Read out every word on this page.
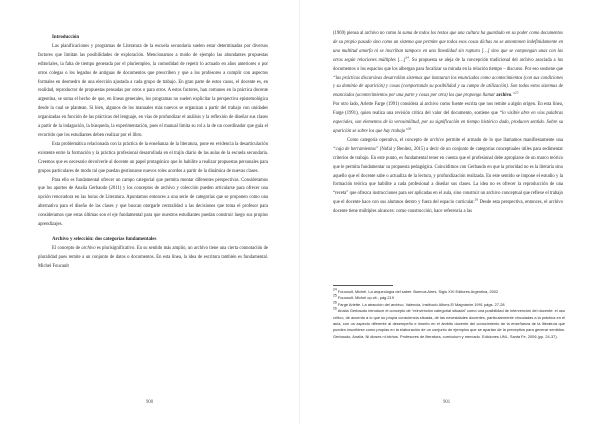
Introducción

Las planificaciones y programas de Literatura de la escuela secundaria suelen estar determinadas por diversos factores que limitan las posibilidades de exploración. Mencionamos a modo de ejemplo las abundantes propuestas editoriales, la falta de tiempo generada por el pluriempleo, la comodidad de repetir lo actuado en años anteriores o por otros colegas o los legados de antiguas de documentos que prescriben y que a los profesores a cumplir con aspectos formales en desmedro de una elección ajustada a cada grupo de trabajo. En gran parte de estos casos, el docente es, en realidad, reproductor de propuestas pensadas por otros o para otros. A estos factores, han comunes en la práctica docente argentina, se suma el hecho de que, en líneas generales, los programas no suelen explicitar la perspectiva epistemológica desde la cual se plantean. Si bien, algunos de los manuales más nuevos se organizan a partir del trabajo con unidades organizadas en función de las prácticas del lenguaje, en vías de profundizar el análisis y la reflexión de diseñar sus clases a partir de la indagación, la búsqueda, la experimentación, pues el manual limita su rol a la de un coordinador que guía el recorrido que los estudiantes deben realizar por el libro.

Esta problemática relacionada con la práctica de la enseñanza de la literatura, pone en evidencia la desarticulación existente entre la formación y la práctica profesional desarrollada en el trajín diario de las aulas de la escuela secundaria. Creemos que es necesario devolverle al docente un papel protagónico que lo habilite a realizar propuestas personales para grupos particulares de modo tal que puedan gestionarse nuevos roles acordes a partir de la dinámica de nuevas clases.

Para ello es fundamental ofrecer un campo categorial que permita montar diferentes perspectivas. Consideramos que los aportes de Analía Gerbaudo (2011) y los conceptos de archivo y colección pueden articularse para ofrecer una opción renovadora en las horas de Literatura. Apuntamos entonces a una serie de categorías que se proponen como una alternativa para el diseño de las clases y que buscan otorgarle centralidad a las decisiones que toma el profesor para consideramos que estas últimas son el eje fundamental para que nuestros estudiantes puedan construir luego sus propios aprendizajes.

Archivo y selección: dos categorías fundamentales

El concepto de archivo es plurisignificativo. En su sentido más amplio, un archivo tiene una cierta connotación de pluralidad pues remite a un conjunto de datos o documentos. En esta línea, la idea de escritura también es fundamental. Michel Foucault

900

(1969) piensa al archivo no como la suma de todos los textos que una cultura ha guardado en su poder como documentos de su propio pasado sino como un sistema que permite que todos esos cosas dichas no se amontonen indefinidamente en una multitud amorfa ni se inscriban tampoco en una linealidad sin ruptura […] sino que se compongan unas con las otras según relaciones múltiples […]$^{24}$. Su propuesta se aleja de la concepción tradicional del archivo asociada a los documentos o los espacios que los albergan para focalizar su mirada en la relación tiempo – discurso. Por eso sostiene que “las prácticas discursivas desarrollan sistemas que instauran los enunciados como acontecimientos (con sus condiciones y su dominio de aparición) y cosas (comportando su posibilidad y su campo de utilización). Son todos estos sistemas de enunciados (acontecimientos por una parte y cosas por otra) los que propongo llamar archivo.”$^{25}$

Por otro lado, Arlette Farge (1991) considera al archivo como fuente escrita que nos remite a algún origen. En esta línea, Farge (1991), quien realiza una revisión crítica del valor del documento, sostiene que “lo visible abre en vías palabras especiales, son elementos de la verosimilitud, por su significación en tiempo histórico dado, producen sentido. Sobre su aparición se sobre los que hay trabajo”$^{26}$

Como categoría operativa, el concepto de archivo permite el armado de lo que llamamos manifiestamente una “caja de herramientas” (Nofal y Benitez, 2015) a decir de un conjunto de categorías conceptuales útiles para sedimentar criterios de trabajo. En este punto, es fundamental tener en cuenta que el profesional debe apropiarse de un marco teórico que le permita fundamentar su propuesta pedagógica. Coincidimos con Gerbaudo en que la prioridad no es la literaria sino aquello que el docente sabe o actualiza de la lectura, y profundización realizada. En este sentido se impone el estudio y la formación teórica que habilite a cada profesional a diseñar sus clases. La idea no es ofrecer la reproducción de una “receta” que ofrezca instrucciones para ser aplicadas en el aula, sino construir un archivo conceptual que reflexe el trabajo que el docente hace con sus alumnos dentro y fuera del espacio curricular.$^{26}$ Desde esta perspectiva, entonces, el archivo docente tiene múltiples alcances: como construcción, hace referencia a las

24 Foucault, Michel. La arqueología del saber. Buenos Aires, Siglo XXI Editores Argentina, 2002
25 Foucault, Michel op.cit., pág.219
26 Farge Arlette. La atracción del archivo, Valencia, Institució Alfons El Magnànim 1991 págs. 27-28
26 Analía Gerbaudo introduce el concepto de “reinvención categorial situada” como una posibilidad de intervención del docente: el uso crítico, de acuerdo a lo que su propia consciencia situada, de las necesidades docentes, particularmente vinculadas a la práctica en el aula, con un aspecto diferente al desempeño e inserto en el ámbito docente del conocimiento de la enseñanza de la literatura que pueden inscribirse como propias en la elaboración de un conjunto de ejemplos que se apartan de la preceptiva para generar sentidos. Gerbaudo, Analía. Ni dioses ni bichos. Profesores de literatura, curriculum y mercado. Ediciones UNL, Santa Fe, 2006 (pp. 24-37).
901
